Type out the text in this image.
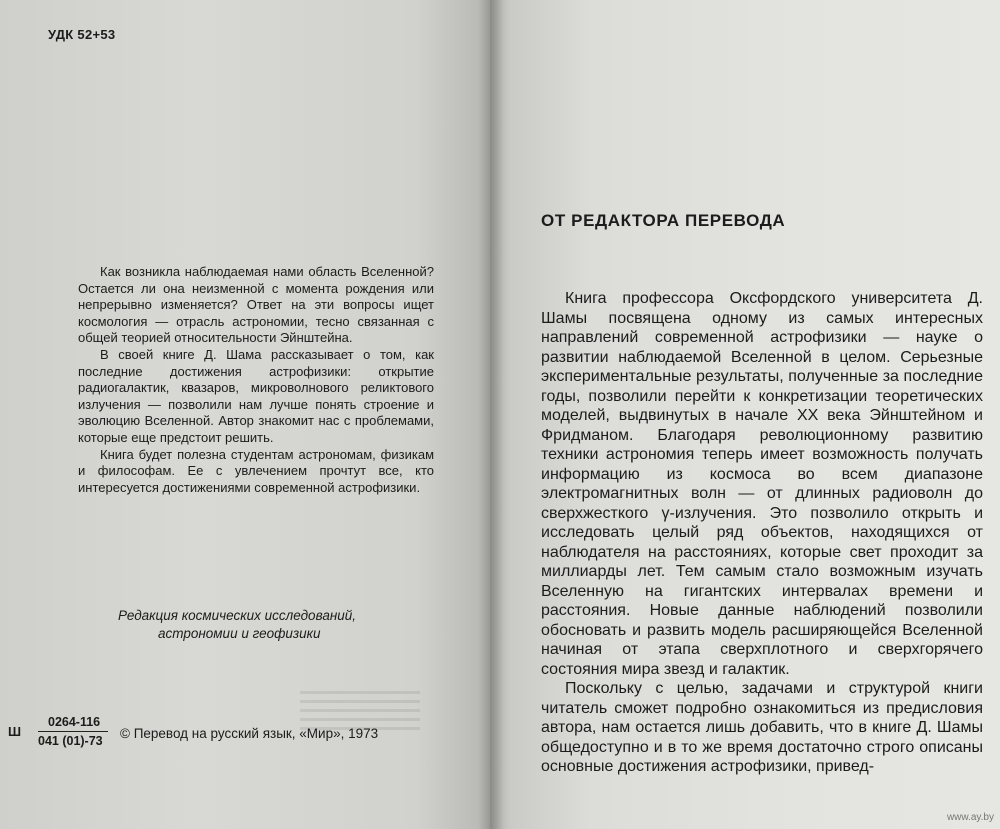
УДК 52+53

Как возникла наблюдаемая нами область Вселенной? Остается ли она неизменной с момента рождения или непрерывно изменяется? Ответ на эти вопросы ищет космология — отрасль астрономии, тесно связанная с общей теорией относительности Эйнштейна.

В своей книге Д. Шама рассказывает о том, как последние достижения астрофизики: открытие радиогалактик, квазаров, микроволнового реликтового излучения — позволили нам лучше понять строение и эволюцию Вселенной. Автор знакомит нас с проблемами, которые еще предстоит решить.

Книга будет полезна студентам астрономам, физикам и философам. Ее с увлечением прочтут все, кто интересуется достижениями современной астрофизики.

Редакция космических исследований,
астрономии и геофизики
Ш
0264-116
041 (01)-73	© Перевод на русский язык, «Мир», 1973
ОТ РЕДАКТОРА ПЕРЕВОДА

Книга профессора Оксфордского университета Д. Шамы посвящена одному из самых интересных направлений современной астрофизики — науке о развитии наблюдаемой Вселенной в целом. Серьезные экспериментальные результаты, полученные за последние годы, позволили перейти к конкретизации теоретических моделей, выдвинутых в начале XX века Эйнштейном и Фридманом. Благодаря революционному развитию техники астрономия теперь имеет возможность получать информацию из космоса во всем диапазоне электромагнитных волн — от длинных радиоволн до сверхжесткого γ-излучения. Это позволило открыть и исследовать целый ряд объектов, находящихся от наблюдателя на расстояниях, которые свет проходит за миллиарды лет. Тем самым стало возможным изучать Вселенную на гигантских интервалах времени и расстояния. Новые данные наблюдений позволили обосновать и развить модель расширяющейся Вселенной начиная от этапа сверхплотного и сверхгорячего состояния мира звезд и галактик.

Поскольку с целью, задачами и структурой книги читатель сможет подробно ознакомиться из предисловия автора, нам остается лишь добавить, что в книге Д. Шамы общедоступно и в то же время достаточно строго описаны основные достижения астрофизики, привед-

www.ay.by
